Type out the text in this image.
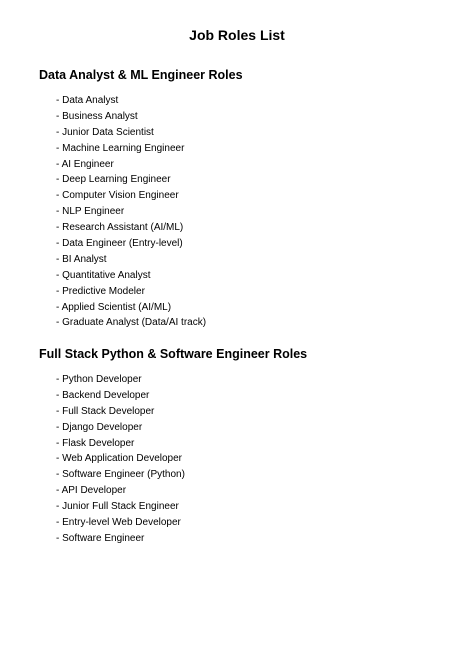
Job Roles List
Data Analyst & ML Engineer Roles
- Data Analyst
- Business Analyst
- Junior Data Scientist
- Machine Learning Engineer
- AI Engineer
- Deep Learning Engineer
- Computer Vision Engineer
- NLP Engineer
- Research Assistant (AI/ML)
- Data Engineer (Entry-level)
- BI Analyst
- Quantitative Analyst
- Predictive Modeler
- Applied Scientist (AI/ML)
- Graduate Analyst (Data/AI track)
Full Stack Python & Software Engineer Roles
- Python Developer
- Backend Developer
- Full Stack Developer
- Django Developer
- Flask Developer
- Web Application Developer
- Software Engineer (Python)
- API Developer
- Junior Full Stack Engineer
- Entry-level Web Developer
- Software Engineer
